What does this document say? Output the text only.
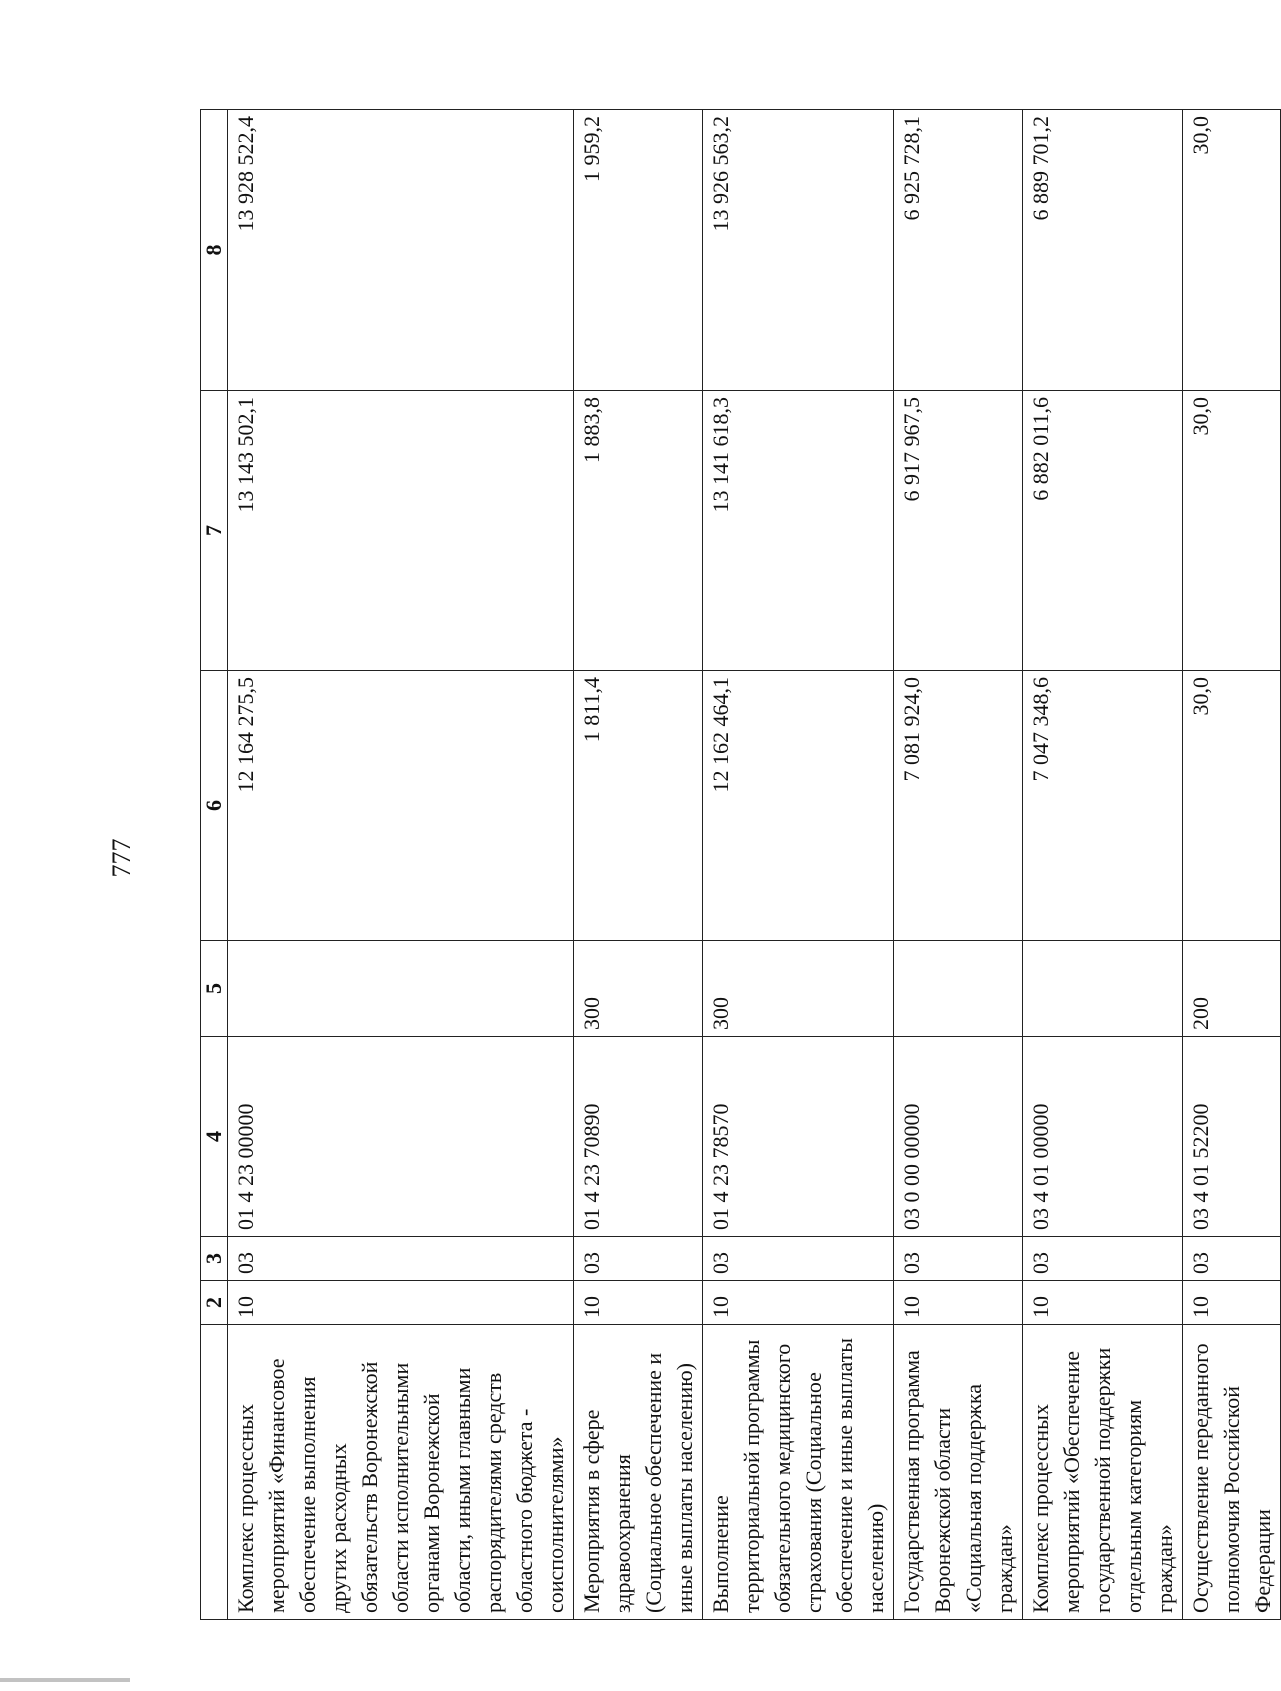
777
	2	3	4	5	6	7	8
Комплекс процессных мероприятий «Финансовое обеспечение выполнения других расходных обязательств Воронежской области исполнительными органами Воронежской области, иными главными распорядителями средств областного бюджета - соисполнителями»	10	03	01 4 23 00000		12 164 275,5	13 143 502,1	13 928 522,4
Мероприятия в сфере здравоохранения (Социальное обеспечение и иные выплаты населению)	10	03	01 4 23 70890	300	1 811,4	1 883,8	1 959,2
Выполнение территориальной программы обязательного медицинского страхования (Социальное обеспечение и иные выплаты населению)	10	03	01 4 23 78570	300	12 162 464,1	13 141 618,3	13 926 563,2
Государственная программа Воронежской области «Социальная поддержка граждан»	10	03	03 0 00 00000		7 081 924,0	6 917 967,5	6 925 728,1
Комплекс процессных мероприятий «Обеспечение государственной поддержки отдельным категориям граждан»	10	03	03 4 01 00000		7 047 348,6	6 882 011,6	6 889 701,2
Осуществление переданного полномочия Российской Федерации	10	03	03 4 01 52200	200	30,0	30,0	30,0
